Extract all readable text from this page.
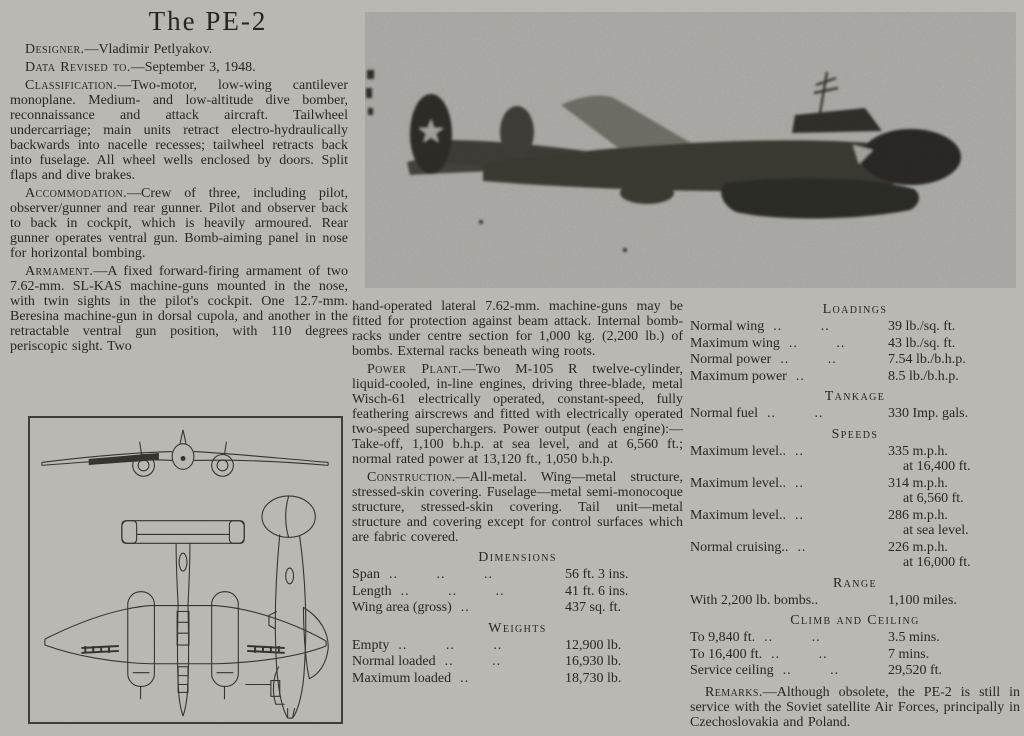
The PE-2

Designer.—Vladimir Petlyakov.

Data Revised to.—September 3, 1948.

Classification.—Two-motor, low-wing cantilever monoplane. Medium- and low-altitude dive bomber, reconnaissance and attack aircraft. Tailwheel undercarriage; main units retract electro-hydraulically backwards into nacelle recesses; tailwheel retracts back into fuselage. All wheel wells enclosed by doors. Split flaps and dive brakes.

Accommodation.—Crew of three, including pilot, observer/gunner and rear gunner. Pilot and observer back to back in cockpit, which is heavily armoured. Rear gunner operates ventral gun. Bomb-aiming panel in nose for horizontal bombing.

Armament.—A fixed forward-firing armament of two 7.62-mm. SL-KAS machine-guns mounted in the nose, with twin sights in the pilot's cockpit. One 12.7-mm. Beresina machine-gun in dorsal cupola, and another in the retractable ventral gun position, with 110 degrees periscopic sight. Two

hand-operated lateral 7.62-mm. machine-guns may be fitted for protection against beam attack. Internal bomb-racks under centre section for 1,000 kg. (2,200 lb.) of bombs. External racks beneath wing roots.

Power Plant.—Two M-105 R twelve-cylinder, liquid-cooled, in-line engines, driving three-blade, metal Wisch-61 electrically operated, constant-speed, fully feathering airscrews and fitted with electrically operated two-speed superchargers. Power output (each engine):—Take-off, 1,100 b.h.p. at sea level, and at 6,560 ft.; normal rated power at 13,120 ft., 1,050 b.h.p.

Construction.—All-metal. Wing—metal structure, stressed-skin covering. Fuselage—metal semi-monocoque structure, stressed-skin covering. Tail unit—metal structure and covering except for control surfaces which are fabric covered.

Dimensions
Span .. .. ..	56 ft. 3 ins.
Length .. .. ..	41 ft. 6 ins.
Wing area (gross) ..	437 sq. ft.
Weights
Empty .. .. ..	12,900 lb.
Normal loaded .. ..	16,930 lb.
Maximum loaded ..	18,730 lb.
Loadings
Normal wing .. ..	39 lb./sq. ft.
Maximum wing .. ..	43 lb./sq. ft.
Normal power .. ..	7.54 lb./b.h.p.
Maximum power ..	8.5 lb./b.h.p.
Tankage
Normal fuel .. ..	330 Imp. gals.
Speeds
Maximum level.. ..	335 m.p.h.
at 16,400 ft.
Maximum level.. ..	314 m.p.h.
at 6,560 ft.
Maximum level.. ..	286 m.p.h.
at sea level.
Normal cruising.. ..	226 m.p.h.
at 16,000 ft.
Range
With 2,200 lb. bombs..	1,100 miles.
Climb and Ceiling
To 9,840 ft. .. ..	3.5 mins.
To 16,400 ft. .. ..	7 mins.
Service ceiling .. ..	29,520 ft.

Remarks.—Although obsolete, the PE-2 is still in service with the Soviet satellite Air Forces, principally in Czechoslovakia and Poland.
